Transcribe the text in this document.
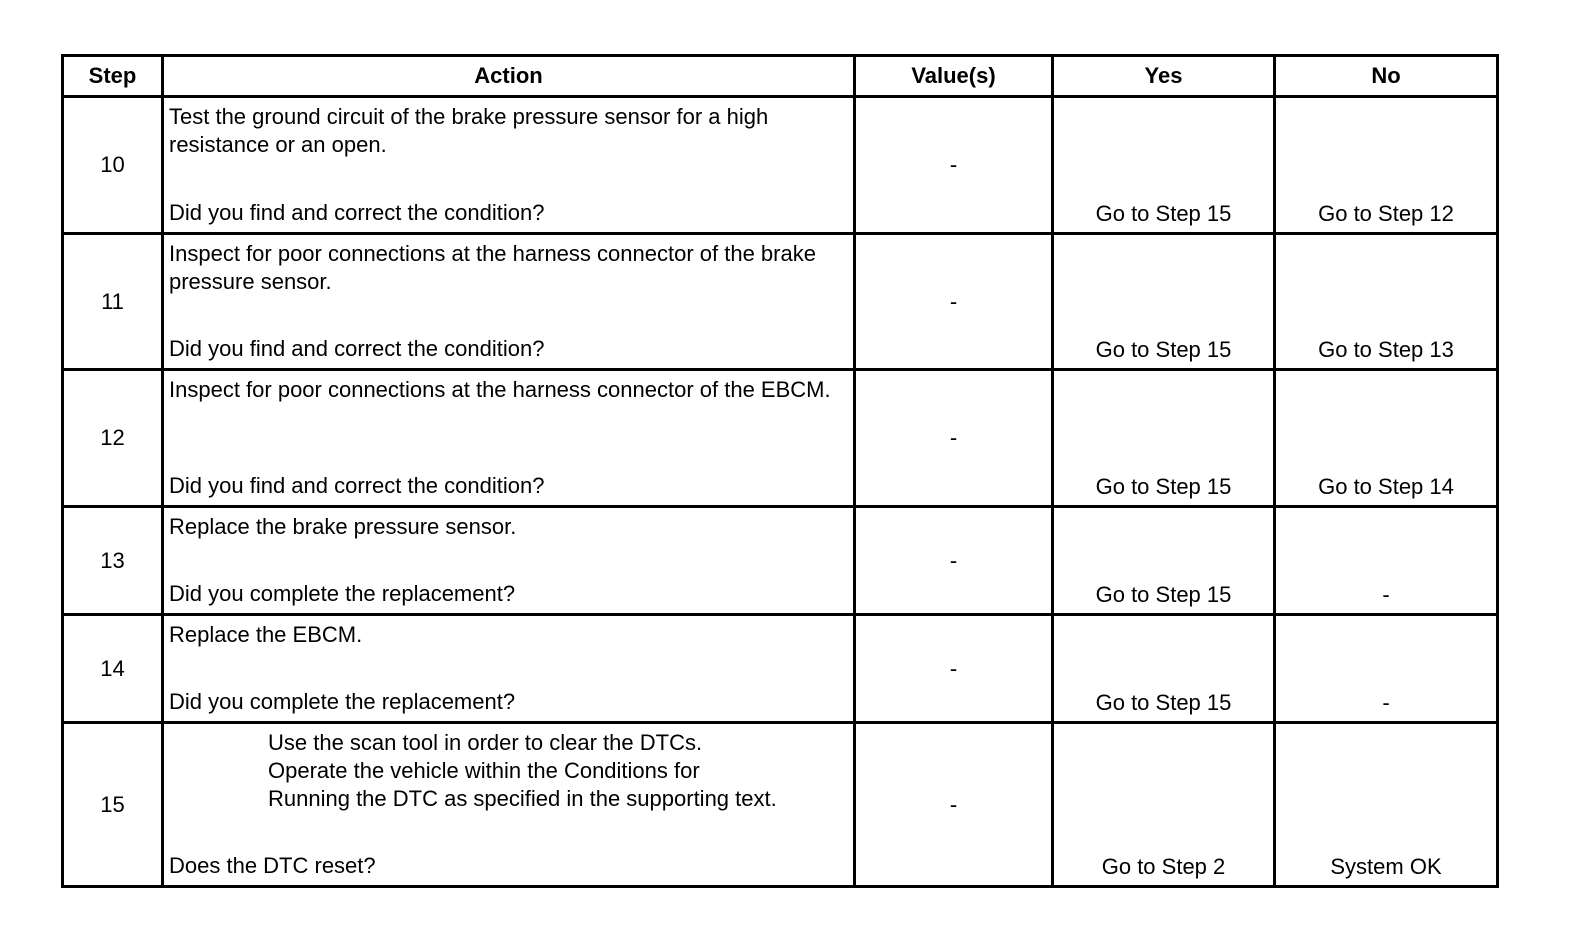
Step	Action	Value(s)	Yes	No
10	Test the ground circuit of the brake pressure sensor for a high resistance or an open.
Did you find and correct the condition?	-	Go to Step 15	Go to Step 12

11	Inspect for poor connections at the harness connector of the brake pressure sensor.
Did you find and correct the condition?	-	Go to Step 15	Go to Step 13

12	Inspect for poor connections at the harness connector of the EBCM.
Did you find and correct the condition?	-	Go to Step 15	Go to Step 14

13	Replace the brake pressure sensor.
Did you complete the replacement?	-	Go to Step 15	-

14	Replace the EBCM.
Did you complete the replacement?	-	Go to Step 15	-

15	Use the scan tool in order to clear the DTCs.
Operate the vehicle within the Conditions for
Running the DTC as specified in the supporting text.
Does the DTC reset?	-	Go to Step 2	System OK
